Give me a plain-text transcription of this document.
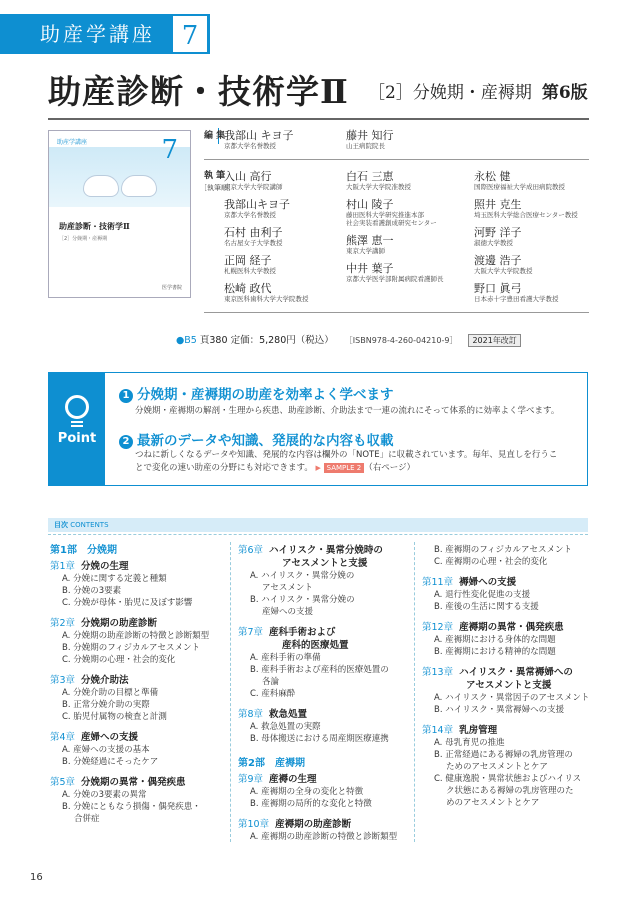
助産学講座	7
助産診断・技術学Ⅱ ［2］分娩期・産褥期 第6版
助産学講座	7
助産診断・技術学Ⅱ
［2］分娩期・産褥期
医学書院
編 集
執 筆
［執筆順］
我部山 キヨ子
京都大学名誉教授
藤井 知行
山王病院院長
入山 高行
東京大学大学院講師
我部山キヨ子
京都大学名誉教授
石村 由利子
名古屋女子大学教授
正岡 経子
札幌医科大学教授
松崎 政代
東京医科歯科大学大学院教授
白石 三恵
大阪大学大学院准教授
村山 陵子
藤田医科大学研究推進本部
社会実装看護創成研究センター
熊澤 恵一
東京大学講師
中井 葉子
京都大学医学部附属病院看護師長
永松 健
国際医療福祉大学成田病院教授
照井 克生
埼玉医科大学総合医療センター教授
河野 洋子
淑徳大学教授
渡邊 浩子
大阪大学大学院教授
野口 眞弓
日本赤十字豊田看護大学教授
●B5 頁380 定価：5,280円（税込） ［ISBN978-4-260-04210-9］ 2021年改訂
Point
1 分娩期・産褥期の助産を効率よく学べます
分娩期・産褥期の解剖・生理から疾患、助産診断、介助法まで一連の流れにそって体系的に効率よく学べます。
2 最新のデータや知識、発展的な内容も収載
つねに新しくなるデータや知識、発展的な内容は欄外の「NOTE」に収載されています。毎年、見直しを行うこ
とで変化の速い助産の分野にも対応できます。 ▶ SAMPLE 2 （右ページ）
目次 CONTENTS
第1部　分娩期
第1章 分娩の生理
A. 分娩に関する定義と種類
B. 分娩の3要素
C. 分娩が母体・胎児に及ぼす影響
第2章 分娩期の助産診断
A. 分娩期の助産診断の特徴と診断類型
B. 分娩期のフィジカルアセスメント
C. 分娩期の心理・社会的変化
第3章 分娩介助法
A. 分娩介助の目標と準備
B. 正常分娩介助の実際
C. 胎児付属物の検査と計測
第4章 産婦への支援
A. 産婦への支援の基本
B. 分娩経過にそったケア
第5章 分娩期の異常・偶発疾患
A. 分娩の3要素の異常
B. 分娩にともなう損傷・偶発疾患・
合併症
第6章 ハイリスク・異常分娩時の
アセスメントと支援
A. ハイリスク・異常分娩の
アセスメント
B. ハイリスク・異常分娩の
産婦への支援
第7章 産科手術および
産科的医療処置
A. 産科手術の準備
B. 産科手術および産科的医療処置の
各論
C. 産科麻酔
第8章 救急処置
A. 救急処置の実際
B. 母体搬送における周産期医療連携
第2部　産褥期
第9章 産褥の生理
A. 産褥期の全身の変化と特徴
B. 産褥期の局所的な変化と特徴
第10章 産褥期の助産診断
A. 産褥期の助産診断の特徴と診断類型
B. 産褥期のフィジカルアセスメント
C. 産褥期の心理・社会的変化
第11章 褥婦への支援
A. 退行性変化促進の支援
B. 産後の生活に関する支援
第12章 産褥期の異常・偶発疾患
A. 産褥期における身体的な問題
B. 産褥期における精神的な問題
第13章 ハイリスク・異常褥婦への
アセスメントと支援
A. ハイリスク・異常因子のアセスメント
B. ハイリスク・異常褥婦への支援
第14章 乳房管理
A. 母乳育児の推進
B. 正常経過にある褥婦の乳房管理の
ためのアセスメントとケア
C. 健康逸脱・異常状態およびハイリス
ク状態にある褥婦の乳房管理のた
めのアセスメントとケア
16
